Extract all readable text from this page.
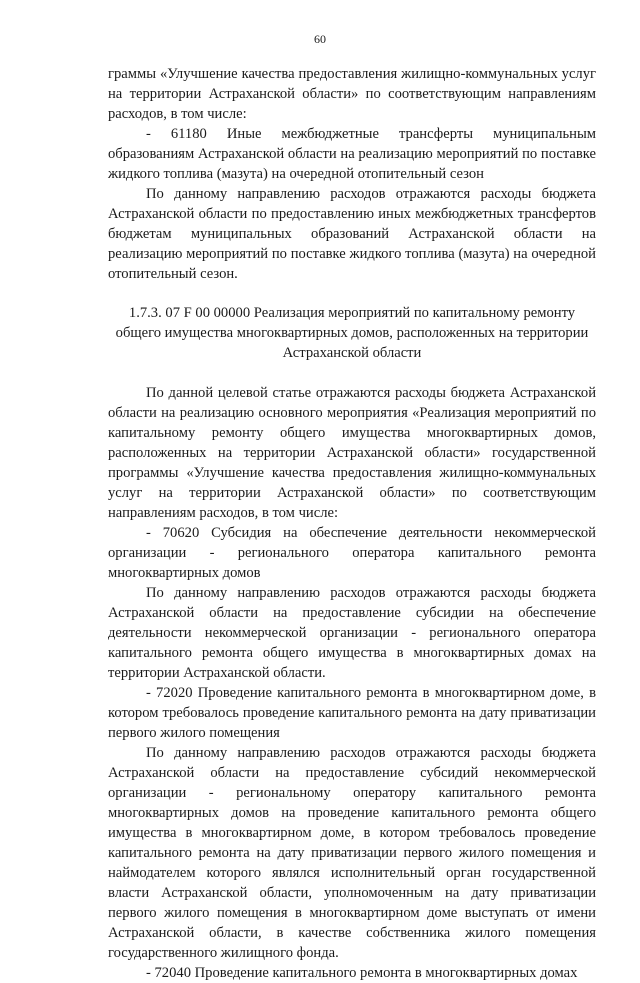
60

граммы «Улучшение качества предоставления жилищно-коммунальных услуг на территории Астраханской области» по соответствующим направлениям расходов, в том числе:

- 61180 Иные межбюджетные трансферты муниципальным образованиям Астраханской области на реализацию мероприятий по поставке жидкого топлива (мазута) на очередной отопительный сезон

По данному направлению расходов отражаются расходы бюджета Астраханской области по предоставлению иных межбюджетных трансфертов бюджетам муниципальных образований Астраханской области на реализацию мероприятий по поставке жидкого топлива (мазута) на очередной отопительный сезон.

1.7.3. 07 F 00 00000 Реализация мероприятий по капитальному ремонту
общего имущества многоквартирных домов, расположенных на территории
Астраханской области

По данной целевой статье отражаются расходы бюджета Астраханской области на реализацию основного мероприятия «Реализация мероприятий по капитальному ремонту общего имущества многоквартирных домов, расположенных на территории Астраханской области» государственной программы «Улучшение качества предоставления жилищно-коммунальных услуг на территории Астраханской области» по соответствующим направлениям расходов, в том числе:

- 70620 Субсидия на обеспечение деятельности некоммерческой организации - регионального оператора капитального ремонта многоквартирных домов

По данному направлению расходов отражаются расходы бюджета Астраханской области на предоставление субсидии на обеспечение деятельности некоммерческой организации - регионального оператора капитального ремонта общего имущества в многоквартирных домах на территории Астраханской области.

- 72020 Проведение капитального ремонта в многоквартирном доме, в котором требовалось проведение капитального ремонта на дату приватизации первого жилого помещения

По данному направлению расходов отражаются расходы бюджета Астраханской области на предоставление субсидий некоммерческой организации - региональному оператору капитального ремонта многоквартирных домов на проведение капитального ремонта общего имущества в многоквартирном доме, в котором требовалось проведение капитального ремонта на дату приватизации первого жилого помещения и наймодателем которого являлся исполнительный орган государственной власти Астраханской области, уполномоченным на дату приватизации первого жилого помещения в многоквартирном доме выступать от имени Астраханской области, в качестве собственника жилого помещения государственного жилищного фонда.

- 72040 Проведение капитального ремонта в многоквартирных домах
